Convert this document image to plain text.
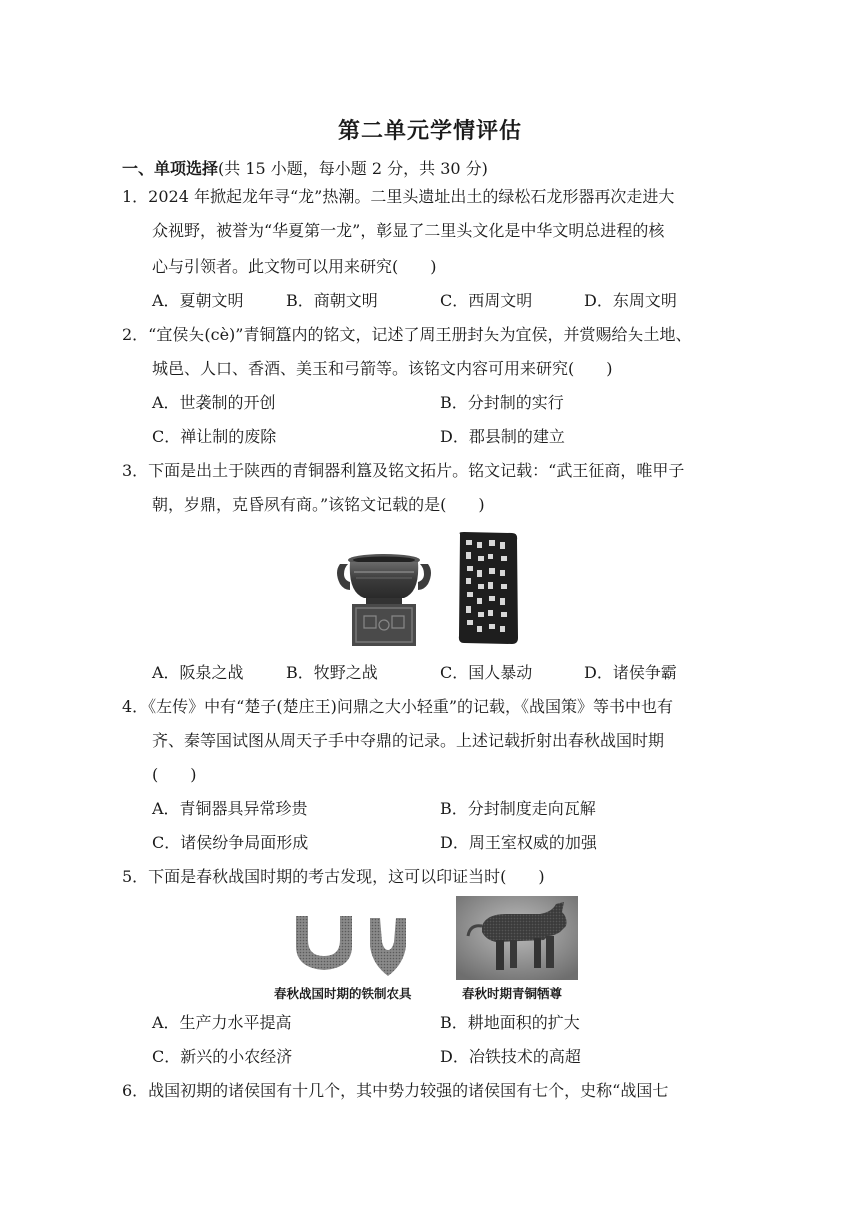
第二单元学情评估
一、单项选择(共 15 小题，每小题 2 分，共 30 分)
1．2024 年掀起龙年寻“龙”热潮。二里头遗址出土的绿松石龙形器再次走进大
众视野，被誉为“华夏第一龙”，彰显了二里头文化是中华文明总进程的核
心与引领者。此文物可以用来研究(　　)
A．夏朝文明	B．商朝文明	C．西周文明	D．东周文明
2．“宜侯夨(cè)”青铜簋内的铭文，记述了周王册封夨为宜侯，并赏赐给夨土地、
城邑、人口、香酒、美玉和弓箭等。该铭文内容可用来研究(　　)
A．世袭制的开创	B．分封制的实行
C．禅让制的废除	D．郡县制的建立
3．下面是出土于陕西的青铜器利簋及铭文拓片。铭文记载：“武王征商，唯甲子
朝，岁鼎，克昏夙有商。”该铭文记载的是(　　)
A．阪泉之战	B．牧野之战	C．国人暴动	D．诸侯争霸
4．《左传》中有“楚子(楚庄王)问鼎之大小轻重”的记载，《战国策》等书中也有
齐、秦等国试图从周天子手中夺鼎的记录。上述记载折射出春秋战国时期
(　　)
A．青铜器具异常珍贵	B．分封制度走向瓦解
C．诸侯纷争局面形成	D．周王室权威的加强
5．下面是春秋战国时期的考古发现，这可以印证当时(　　)
春秋战国时期的铁制农具	春秋时期青铜牺尊
A．生产力水平提高	B．耕地面积的扩大
C．新兴的小农经济	D．冶铁技术的高超
6．战国初期的诸侯国有十几个，其中势力较强的诸侯国有七个，史称“战国七
